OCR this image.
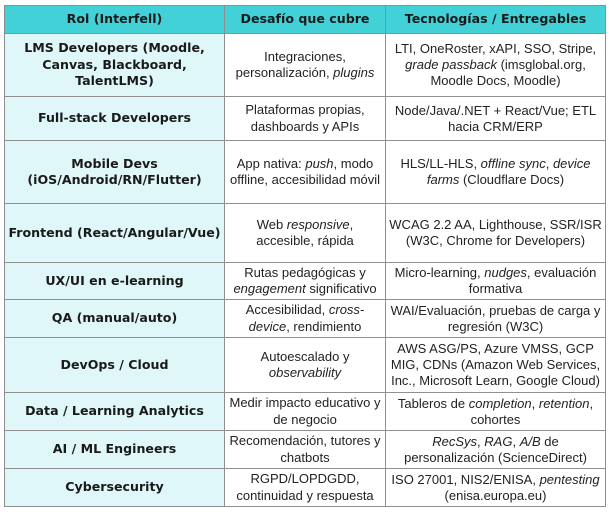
Rol (Interfell)	Desafío que cubre	Tecnologías / Entregables
LMS Developers (Moodle, Canvas, Blackboard, TalentLMS)	Integraciones, personalización, plugins	LTI, OneRoster, xAPI, SSO, Stripe, grade passback (imsglobal.org, Moodle Docs, Moodle)
Full-stack Developers	Plataformas propias, dashboards y APIs	Node/Java/.NET + React/Vue; ETL hacia CRM/ERP
Mobile Devs (iOS/Android/RN/Flutter)	App nativa: push, modo offline, accesibilidad móvil	HLS/LL-HLS, offline sync, device farms (Cloudflare Docs)
Frontend (React/Angular/Vue)	Web responsive, accesible, rápida	WCAG 2.2 AA, Lighthouse, SSR/ISR (W3C, Chrome for Developers)
UX/UI en e-learning	Rutas pedagógicas y engagement significativo	Micro-learning, nudges, evaluación formativa
QA (manual/auto)	Accesibilidad, cross-device, rendimiento	WAI/Evaluación, pruebas de carga y regresión (W3C)
DevOps / Cloud	Autoescalado y observability	AWS ASG/PS, Azure VMSS, GCP MIG, CDNs (Amazon Web Services, Inc., Microsoft Learn, Google Cloud)
Data / Learning Analytics	Medir impacto educativo y de negocio	Tableros de completion, retention, cohortes
AI / ML Engineers	Recomendación, tutores y chatbots	RecSys, RAG, A/B de personalización (ScienceDirect)
Cybersecurity	RGPD/LOPDGDD, continuidad y respuesta	ISO 27001, NIS2/ENISA, pentesting (enisa.europa.eu)
